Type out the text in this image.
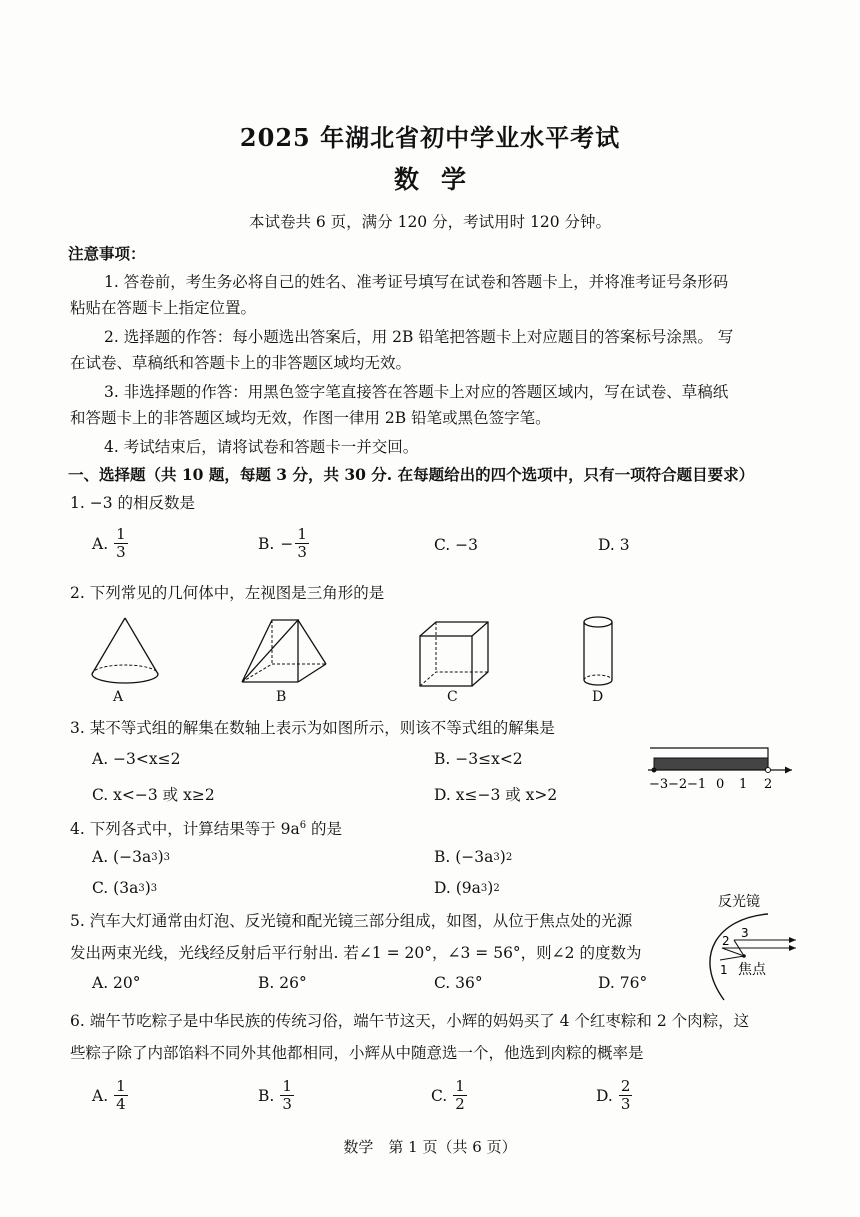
2025 年湖北省初中学业水平考试
数学
本试卷共 6 页，满分 120 分，考试用时 120 分钟。
注意事项：
1. 答卷前，考生务必将自己的姓名、准考证号填写在试卷和答题卡上，并将准考证号条形码
粘贴在答题卡上指定位置。
2. 选择题的作答：每小题选出答案后，用 2B 铅笔把答题卡上对应题目的答案标号涂黑。 写
在试卷、草稿纸和答题卡上的非答题区域均无效。
3. 非选择题的作答：用黑色签字笔直接答在答题卡上对应的答题区域内，写在试卷、草稿纸
和答题卡上的非答题区域均无效，作图一律用 2B 铅笔或黑色签字笔。
4. 考试结束后，请将试卷和答题卡一并交回。
一、选择题（共 10 题，每题 3 分，共 30 分. 在每题给出的四个选项中，只有一项符合题目要求）
1. −3 的相反数是
A. $\frac{1}{3}$	B. − $\frac{1}{3}$	C. −3	D. 3
2. 下列常见的几何体中，左视图是三角形的是
A	B	C	D
3. 某不等式组的解集在数轴上表示为如图所示，则该不等式组的解集是
A. −3<x≤2	B. −3≤x<2
C. x<−3 或 x≥2	D. x≤−3 或 x>2
−3 −2 −1 0 1 2
4. 下列各式中，计算结果等于 $9a^6$ 的是
A. (−3a 3 ) 3	B. (−3a 3 ) 2
C. (3a 3 ) 3	D. (9a 3 ) 2
5. 汽车大灯通常由灯泡、反光镜和配光镜三部分组成，如图，从位于焦点处的光源
发出两束光线，光线经反射后平行射出. 若∠1 = 20°，∠3 = 56°，则∠2 的度数为
A. 20°	B. 26°	C. 36°	D. 76°
反光镜
2
3
1 焦点
6. 端午节吃粽子是中华民族的传统习俗，端午节这天，小辉的妈妈买了 4 个红枣粽和 2 个肉粽，这
些粽子除了内部馅料不同外其他都相同，小辉从中随意选一个，他选到肉粽的概率是
A. $\frac{1}{4}$	B. $\frac{1}{3}$	C. $\frac{1}{2}$	D. $\frac{2}{3}$
数学　第 1 页（共 6 页）
